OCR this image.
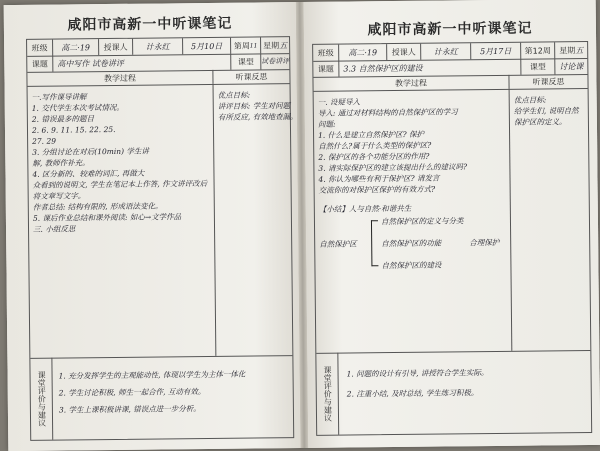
咸阳市高新一中听课笔记
班级	高二·19	授课人	计永红	5月10日	第周 11 星期 五
课题	高中写作 试卷讲评	课型	试卷讲评
教学过程	听课反思
一.写作课导讲解
1. 交代学生本次考试情况。
2. 错误最多的题目
2. 6. 9. 11. 15. 22. 25.
27. 29
3. 分组讨论在对后(10min) 学生讲
解, 教师作补充。
4. 区分新的、较难的词汇, 再做大
众看到的说明文, 学生在笔记本上作答, 作文讲评改后
将文章写文字。
作者总结: 结构有限的, 形成语法变化。
5. 课后作业总结和课外阅读: 如心→文学作品
三. 小组反思
优点目标:
讲评目标: 学生对问题
有所反应, 有效地查漏。
课堂评价与建议	1. 充分发挥学生的主观能动性, 体现以学生为主体一体化
2. 学生讨论积极, 师生一起合作, 互动有效。
3. 学生上课积极讲课, 错误点进一步分析。
咸阳市高新一中听课笔记
班级	高二·19	授课人	计永红	5月17日	第12周	星期 五
课题	3.3 自然保护区的建设	课型	讨论课
教学过程	听课反思
一. 设疑导入
导入: 通过对材料结构的自然保护区的学习
问题:
1. 什么是建立自然保护区? 保护
自然什么?属于什么类型的保护区?
2. 保护区的各个功能分区的作用?
3. 请实际保护区的建立该提出什么的建议吗?
4. 你认为哪些有利于保护区? 请发言
交流你的对保护区保护的有效方式?
【小结】人与自然·和谐共生
自然保护区
自然保护区的定义与分类
自然保护区的功能
自然保护区的建设
合理保护
优点目标:
给学生们, 说明自然
保护区的定义。
课堂评价与建议	1. 问题的设计有引导, 讲授符合学生实际。
2. 注重小结, 及时总结, 学生练习积极。
